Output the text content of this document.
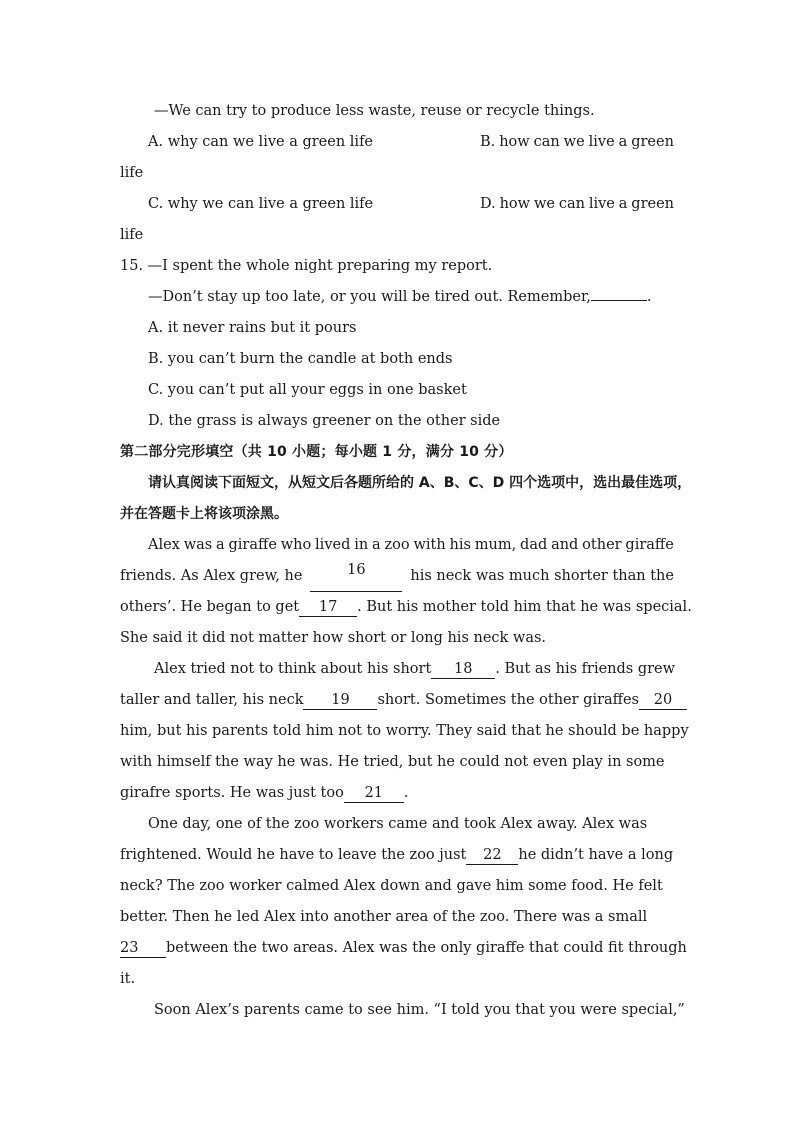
—We can try to produce less waste, reuse or recycle things.
A. why can we live a green life	B. how can we live a green
life
C. why we can live a green life	D. how we can live a green
life
15. —I spent the whole night preparing my report.
—Don’t stay up too late, or you will be tired out. Remember,	.
A. it never rains but it pours
B. you can’t burn the candle at both ends
C. you can’t put all your eggs in one basket
D. the grass is always greener on the other side
第二部分完形填空（共 10 小题；每小题 1 分，满分 10 分）
请认真阅读下面短文，从短文后各题所给的 A、B、C、D 四个选项中，选出最佳选项，
并在答题卡上将该项涂黑。
Alex was a giraffe who lived in a zoo with his mum, dad and other giraffe
friends. As Alex grew, he	16	his neck was much shorter than the
others’. He began to get 17 . But his mother told him that he was special.
She said it did not matter how short or long his neck was.
Alex tried not to think about his short 18 . But as his friends grew
taller and taller, his neck 19 short. Sometimes the other giraffes 20
him, but his parents told him not to worry. They said that he should be happy
with himself the way he was. He tried, but he could not even play in some
girafre sports. He was just too 21 .
One day, one of the zoo workers came and took Alex away. Alex was
frightened. Would he have to leave the zoo just 22 he didn’t have a long
neck? The zoo worker calmed Alex down and gave him some food. He felt
better. Then he led Alex into another area of the zoo. There was a small
23 between the two areas. Alex was the only giraffe that could fit through
it.
Soon Alex’s parents came to see him. “I told you that you were special,”
